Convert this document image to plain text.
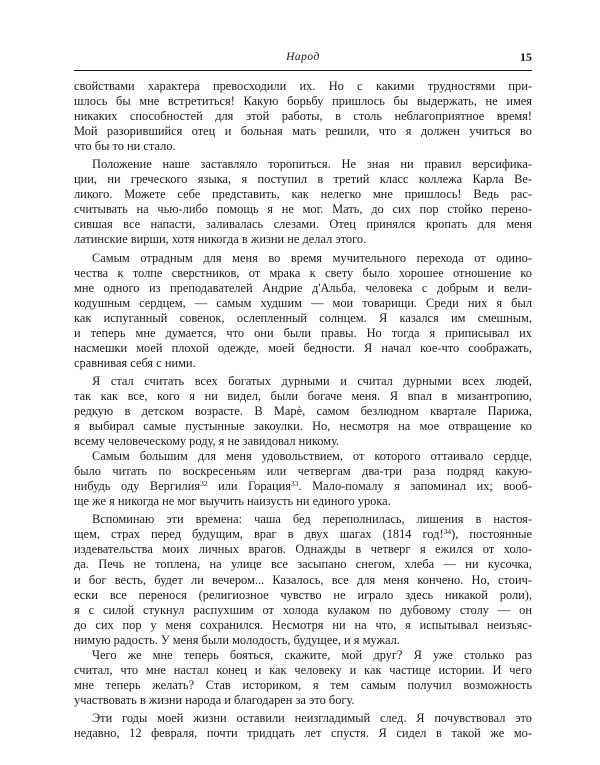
Народ	15
свойствами характера превосходили их. Но с какими трудностями при-
шлось бы мне встретиться! Какую борьбу пришлось бы выдержать, не имея
никаких способностей для этой работы, в столь неблагоприятное время!
Мой разорившийся отец и больная мать решили, что я должен учиться во
что бы то ни стало.
Положение наше заставляло торопиться. Не зная ни правил версифика-
ции, ни греческого языка, я поступил в третий класс коллежа Карла Ве-
ликого. Можете себе представить, как нелегко мне пришлось! Ведь рас-
считывать на чью-либо помощь я не мог. Мать, до сих пор стойко перено-
сившая все напасти, заливалась слезами. Отец принялся кропать для меня
латинские вирши, хотя никогда в жизни не делал этого.
Самым отрадным для меня во время мучительного перехода от одино-
чества к толпе сверстников, от мрака к свету было хорошее отношение ко
мне одного из преподавателей Андрие д'Альба, человека с добрым и вели-
кодушным сердцем, — самым худшим — мои товарищи. Среди них я был
как испуганный совенок, ослепленный солнцем. Я казался им смешным,
и теперь мне думается, что они были правы. Но тогда я приписывал их
насмешки моей плохой одежде, моей бедности. Я начал кое-что соображать,
сравнивая себя с ними.
Я стал считать всех богатых дурными и считал дурными всех людей,
так как все, кого я ни видел, были богаче меня. Я впал в мизантропию,
редкую в детском возрасте. В Марè, самом безлюдном квартале Парижа,
я выбирал самые пустынные закоулки. Но, несмотря на мое отвращение ко
всему человеческому роду, я не завидовал никому.
Самым большим для меня удовольствием, от которого оттаивало сердце,
было читать по воскресеньям или четвергам два-три раза подряд какую-
нибудь оду Вергилия$^{32}$ или Горация$^{33}$. Мало-помалу я запоминал их; вооб-
ще же я никогда не мог выучить наизусть ни единого урока.
Вспоминаю эти времена: чаша бед переполнилась, лишения в настоя-
щем, страх перед будущим, враг в двух шагах (1814 год!$^{34}$), постоянные
издевательства моих личных врагов. Однажды в четверг я ежился от холо-
да. Печь не топлена, на улице все засыпано снегом, хлеба — ни кусочка,
и бог весть, будет ли вечером... Казалось, все для меня кончено. Но, стоич-
ески все перенося (религиозное чувство не играло здесь никакой роли),
я с силой стукнул распухшим от холода кулаком по дубовому столу — он
до сих пор у меня сохранился. Несмотря ни на что, я испытывал неизъяс-
нимую радость. У меня были молодость, будущее, и я мужал.
Чего же мне теперь бояться, скажите, мой друг? Я уже столько раз
считал, что мне настал конец и как человеку и как частице истории. И чего
мне теперь желать? Став историком, я тем самым получил возможность
участвовать в жизни народа и благодарен за это богу.
Эти годы моей жизни оставили неизгладимый след. Я почувствовал это
недавно, 12 февраля, почти тридцать лет спустя. Я сидел в такой же мо-
